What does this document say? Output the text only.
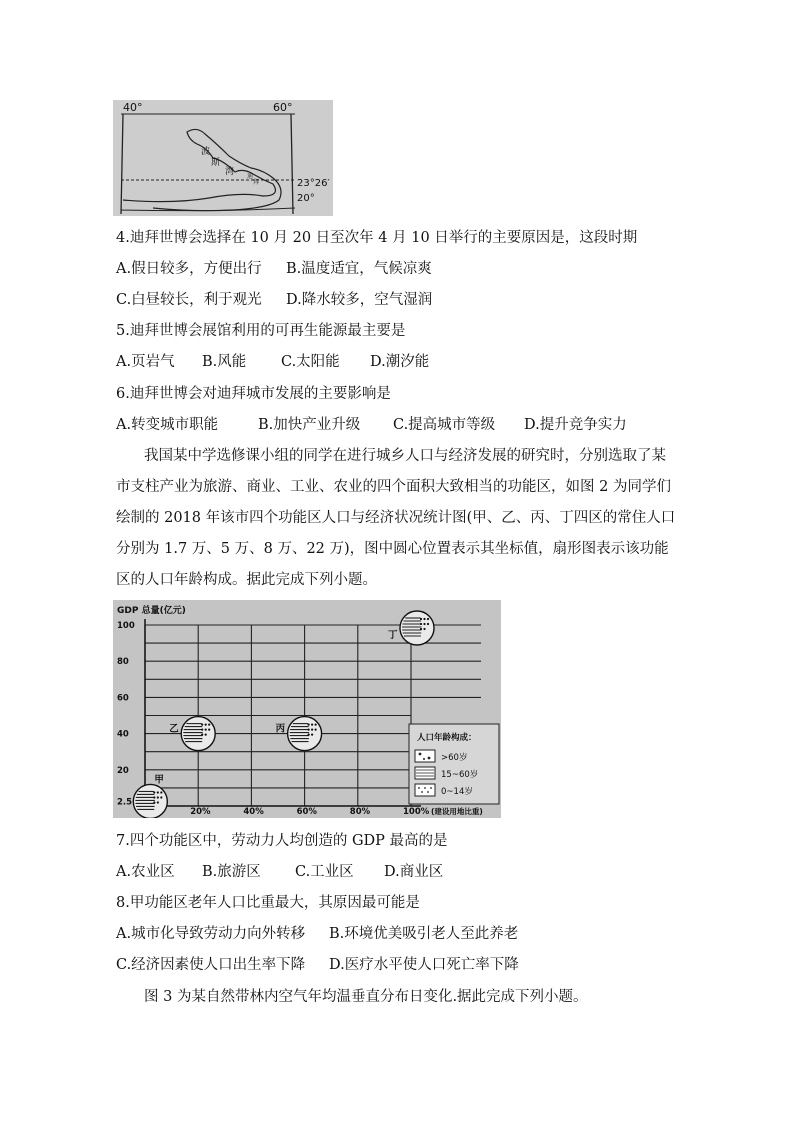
40°	60°
23°26′
20°
波
斯
湾 迪
拜
4.迪拜世博会选择在 10 月 20 日至次年 4 月 10 日举行的主要原因是，这段时期
A.假日较多，方便出行 B.温度适宜，气候凉爽
C.白昼较长，利于观光 D.降水较多，空气湿润
5.迪拜世博会展馆利用的可再生能源最主要是
A.页岩气 B.风能 C.太阳能 D.潮汐能
6.迪拜世博会对迪拜城市发展的主要影响是
A.转变城市职能	B.加快产业升级 C.提高城市等级 D.提升竞争实力

我国某中学选修课小组的同学在进行城乡人口与经济发展的研究时，分别选取了某市支柱产业为旅游、商业、工业、农业的四个面积大致相当的功能区，如图 2 为同学们绘制的 2018 年该市四个功能区人口与经济状况统计图(甲、乙、丙、丁四区的常住人口分别为 1.7 万、5 万、8 万、22 万)，图中圆心位置表示其坐标值，扇形图表示该功能区的人口年龄构成。据此完成下列小题。

GDP 总量(亿元)
2.5
20
40
60
80
100
20%	40%	60%	80%	100% (建设用地比重)
甲
乙	丙
丁
人口年龄构成：
>60岁
15~60岁
0~14岁
7.四个功能区中，劳动力人均创造的 GDP 最高的是
A.农业区 B.旅游区 C.工业区 D.商业区
8.甲功能区老年人口比重最大，其原因最可能是
A.城市化导致劳动力向外转移 B.环境优美吸引老人至此养老
C.经济因素使人口出生率下降 D.医疗水平使人口死亡率下降
图 3 为某自然带林内空气年均温垂直分布日变化.据此完成下列小题。
